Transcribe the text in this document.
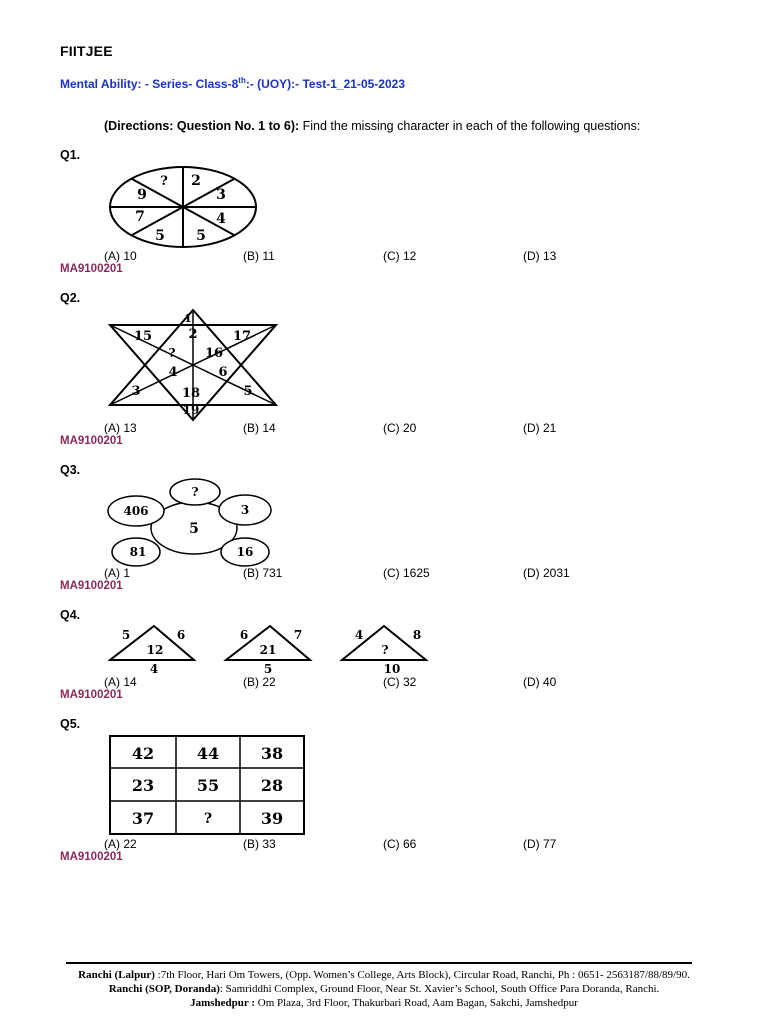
FIITJEE
Mental Ability: - Series- Class-8th:- (UOY):- Test-1_21-05-2023
(Directions: Question No. 1 to 6): Find the missing character in each of the following questions:
Q1.
? 2
3
4
5
5
7
9
(A) 10	(B) 11	(C) 12	(D) 13
MA9100201
Q2.
1
15	2	17
? 16
4	6
3	18	5
19
(A) 13	(B) 14	(C) 20	(D) 21
MA9100201
Q3.
5
?
406	3
81	16
(A) 1	(B) 731	(C) 1625	(D) 2031
MA9100201
Q4.
5	6
12
4
6	7
21
5
4	8
?
10
(A) 14	(B) 22	(C) 32	(D) 40
MA9100201
Q5.
42	44	38
23	55	28
37	?	39
(A) 22	(B) 33	(C) 66	(D) 77
MA9100201
Ranchi (Lalpur) :7th Floor, Hari Om Towers, (Opp. Women’s College, Arts Block), Circular Road, Ranchi, Ph : 0651- 2563187/88/89/90.
Ranchi (SOP, Doranda): Samriddhi Complex, Ground Floor, Near St. Xavier’s School, South Office Para Doranda, Ranchi.
Jamshedpur : Om Plaza, 3rd Floor, Thakurbari Road, Aam Bagan, Sakchi, Jamshedpur
